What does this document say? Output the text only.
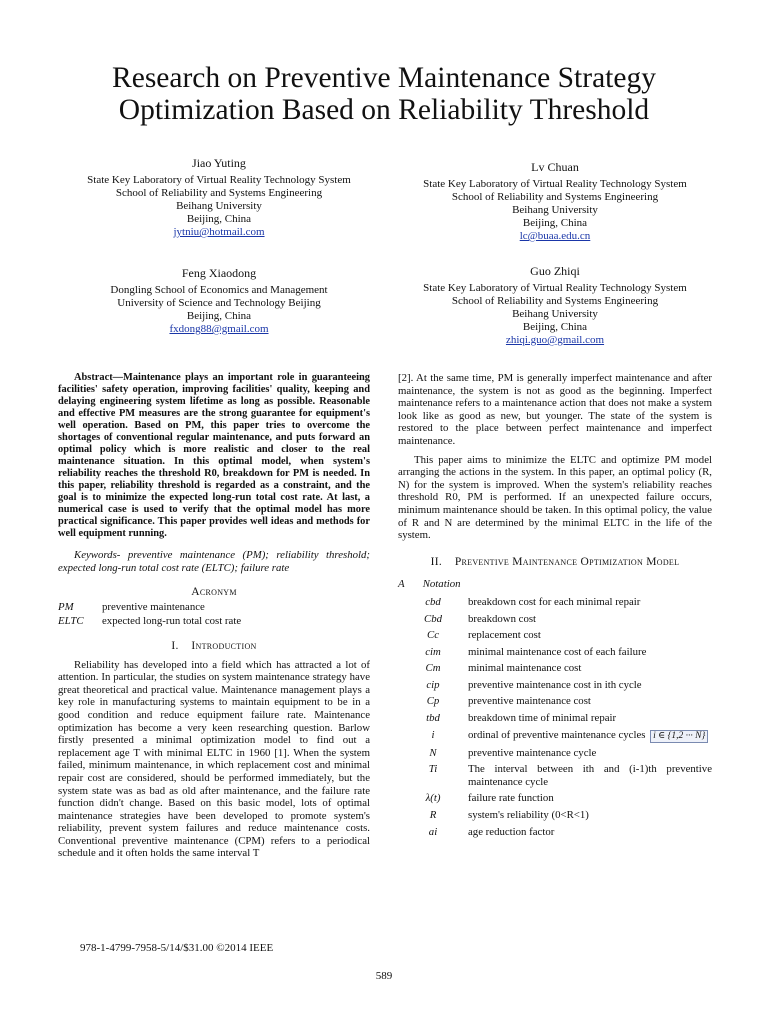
Research on Preventive Maintenance Strategy
Optimization Based on Reliability Threshold
Jiao Yuting
State Key Laboratory of Virtual Reality Technology System
School of Reliability and Systems Engineering
Beihang University
Beijing, China
jytniu@hotmail.com
Lv Chuan
State Key Laboratory of Virtual Reality Technology System
School of Reliability and Systems Engineering
Beihang University
Beijing, China
lc@buaa.edu.cn
Feng Xiaodong
Dongling School of Economics and Management
University of Science and Technology Beijing
Beijing, China
fxdong88@gmail.com
Guo Zhiqi
State Key Laboratory of Virtual Reality Technology System
School of Reliability and Systems Engineering
Beihang University
Beijing, China
zhiqi.guo@gmail.com

Abstract—Maintenance plays an important role in guaranteeing facilities' safety operation, improving facilities' quality, keeping and delaying engineering system lifetime as long as possible. Reasonable and effective PM measures are the strong guarantee for equipment's well operation. Based on PM, this paper tries to overcome the shortages of conventional regular maintenance, and puts forward an optimal policy which is more realistic and closer to the real maintenance situation. In this optimal model, when system's reliability reaches the threshold R0, breakdown for PM is needed. In this paper, reliability threshold is regarded as a constraint, and the goal is to minimize the expected long-run total cost rate. At last, a numerical case is used to verify that the optimal model has more practical significance. This paper provides well ideas and methods for well equipment running.

Keywords- preventive maintenance (PM); reliability threshold; expected long-run total cost rate (ELTC); failure rate

Acronym
PM	preventive maintenance
ELTC	expected long-run total cost rate
I. Introduction

Reliability has developed into a field which has attracted a lot of attention. In particular, the studies on system maintenance strategy have great theoretical and practical value. Maintenance management plays a key role in manufacturing systems to maintain equipment to be in a good condition and reduce equipment failure rate. Maintenance optimization has become a very keen researching question. Barlow firstly presented a minimal optimization model to find out a replacement age T with minimal ELTC in 1960 [1]. When the system failed, minimum maintenance, in which replacement cost and minimal repair cost are considered, should be performed immediately, but the system state was as bad as old after maintenance, and the failure rate function didn't change. Based on this basic model, lots of optimal maintenance strategies have been developed to promote system's reliability, prevent system failures and reduce maintenance costs. Conventional preventive maintenance (CPM) refers to a periodical schedule and it often holds the same interval T

[2]. At the same time, PM is generally imperfect maintenance and after maintenance, the system is not as good as the beginning. Imperfect maintenance refers to a maintenance action that does not make a system look like as good as new, but younger. The state of the system is restored to the place between perfect maintenance and imperfect maintenance.

This paper aims to minimize the ELTC and optimize PM model arranging the actions in the system. In this paper, an optimal policy (R, N) for the system is improved. When the system's reliability reaches threshold R0, PM is performed. If an unexpected failure occurs, minimum maintenance should be taken. In this optimal policy, the value of R and N are determined by the minimal ELTC in the life of the system.

II. Preventive Maintenance Optimization Model
A Notation
cbd	breakdown cost for each minimal repair
Cbd	breakdown cost
Cc	replacement cost
cim	minimal maintenance cost of each failure
Cm	minimal maintenance cost
cip	preventive maintenance cost in ith cycle
Cp	preventive maintenance cost
tbd	breakdown time of minimal repair
i	ordinal of preventive maintenance cycles i ∈ {1,2 ··· N}
N	preventive maintenance cycle
Ti	The interval between ith and (i-1)th preventive maintenance cycle
λ(t)	failure rate function
R	system's reliability (0<R<1)
ai	age reduction factor
978-1-4799-7958-5/14/$31.00 ©2014 IEEE
589
